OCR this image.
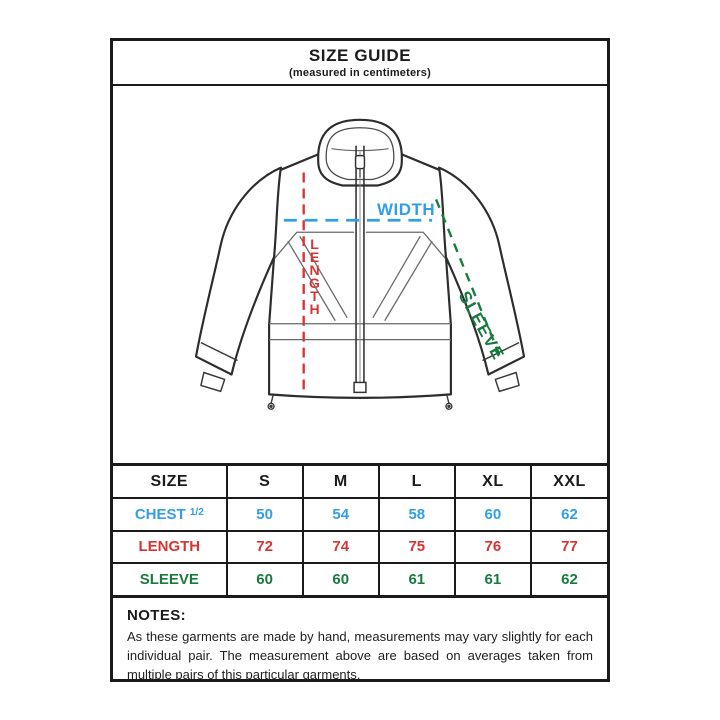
SIZE GUIDE
(measured in centimeters)
WIDTH
LENGTH	SLEEVE
SIZE	S	M	L	XL	XXL
CHEST $^{1/2}$	50	54	58	60	62
LENGTH	72	74	75	76	77
SLEEVE	60	60	61	61	62
NOTES:
As these garments are made by hand, measurements may vary slightly for each individual pair. The measurement above are based on averages taken from multiple pairs of this particular garments.
